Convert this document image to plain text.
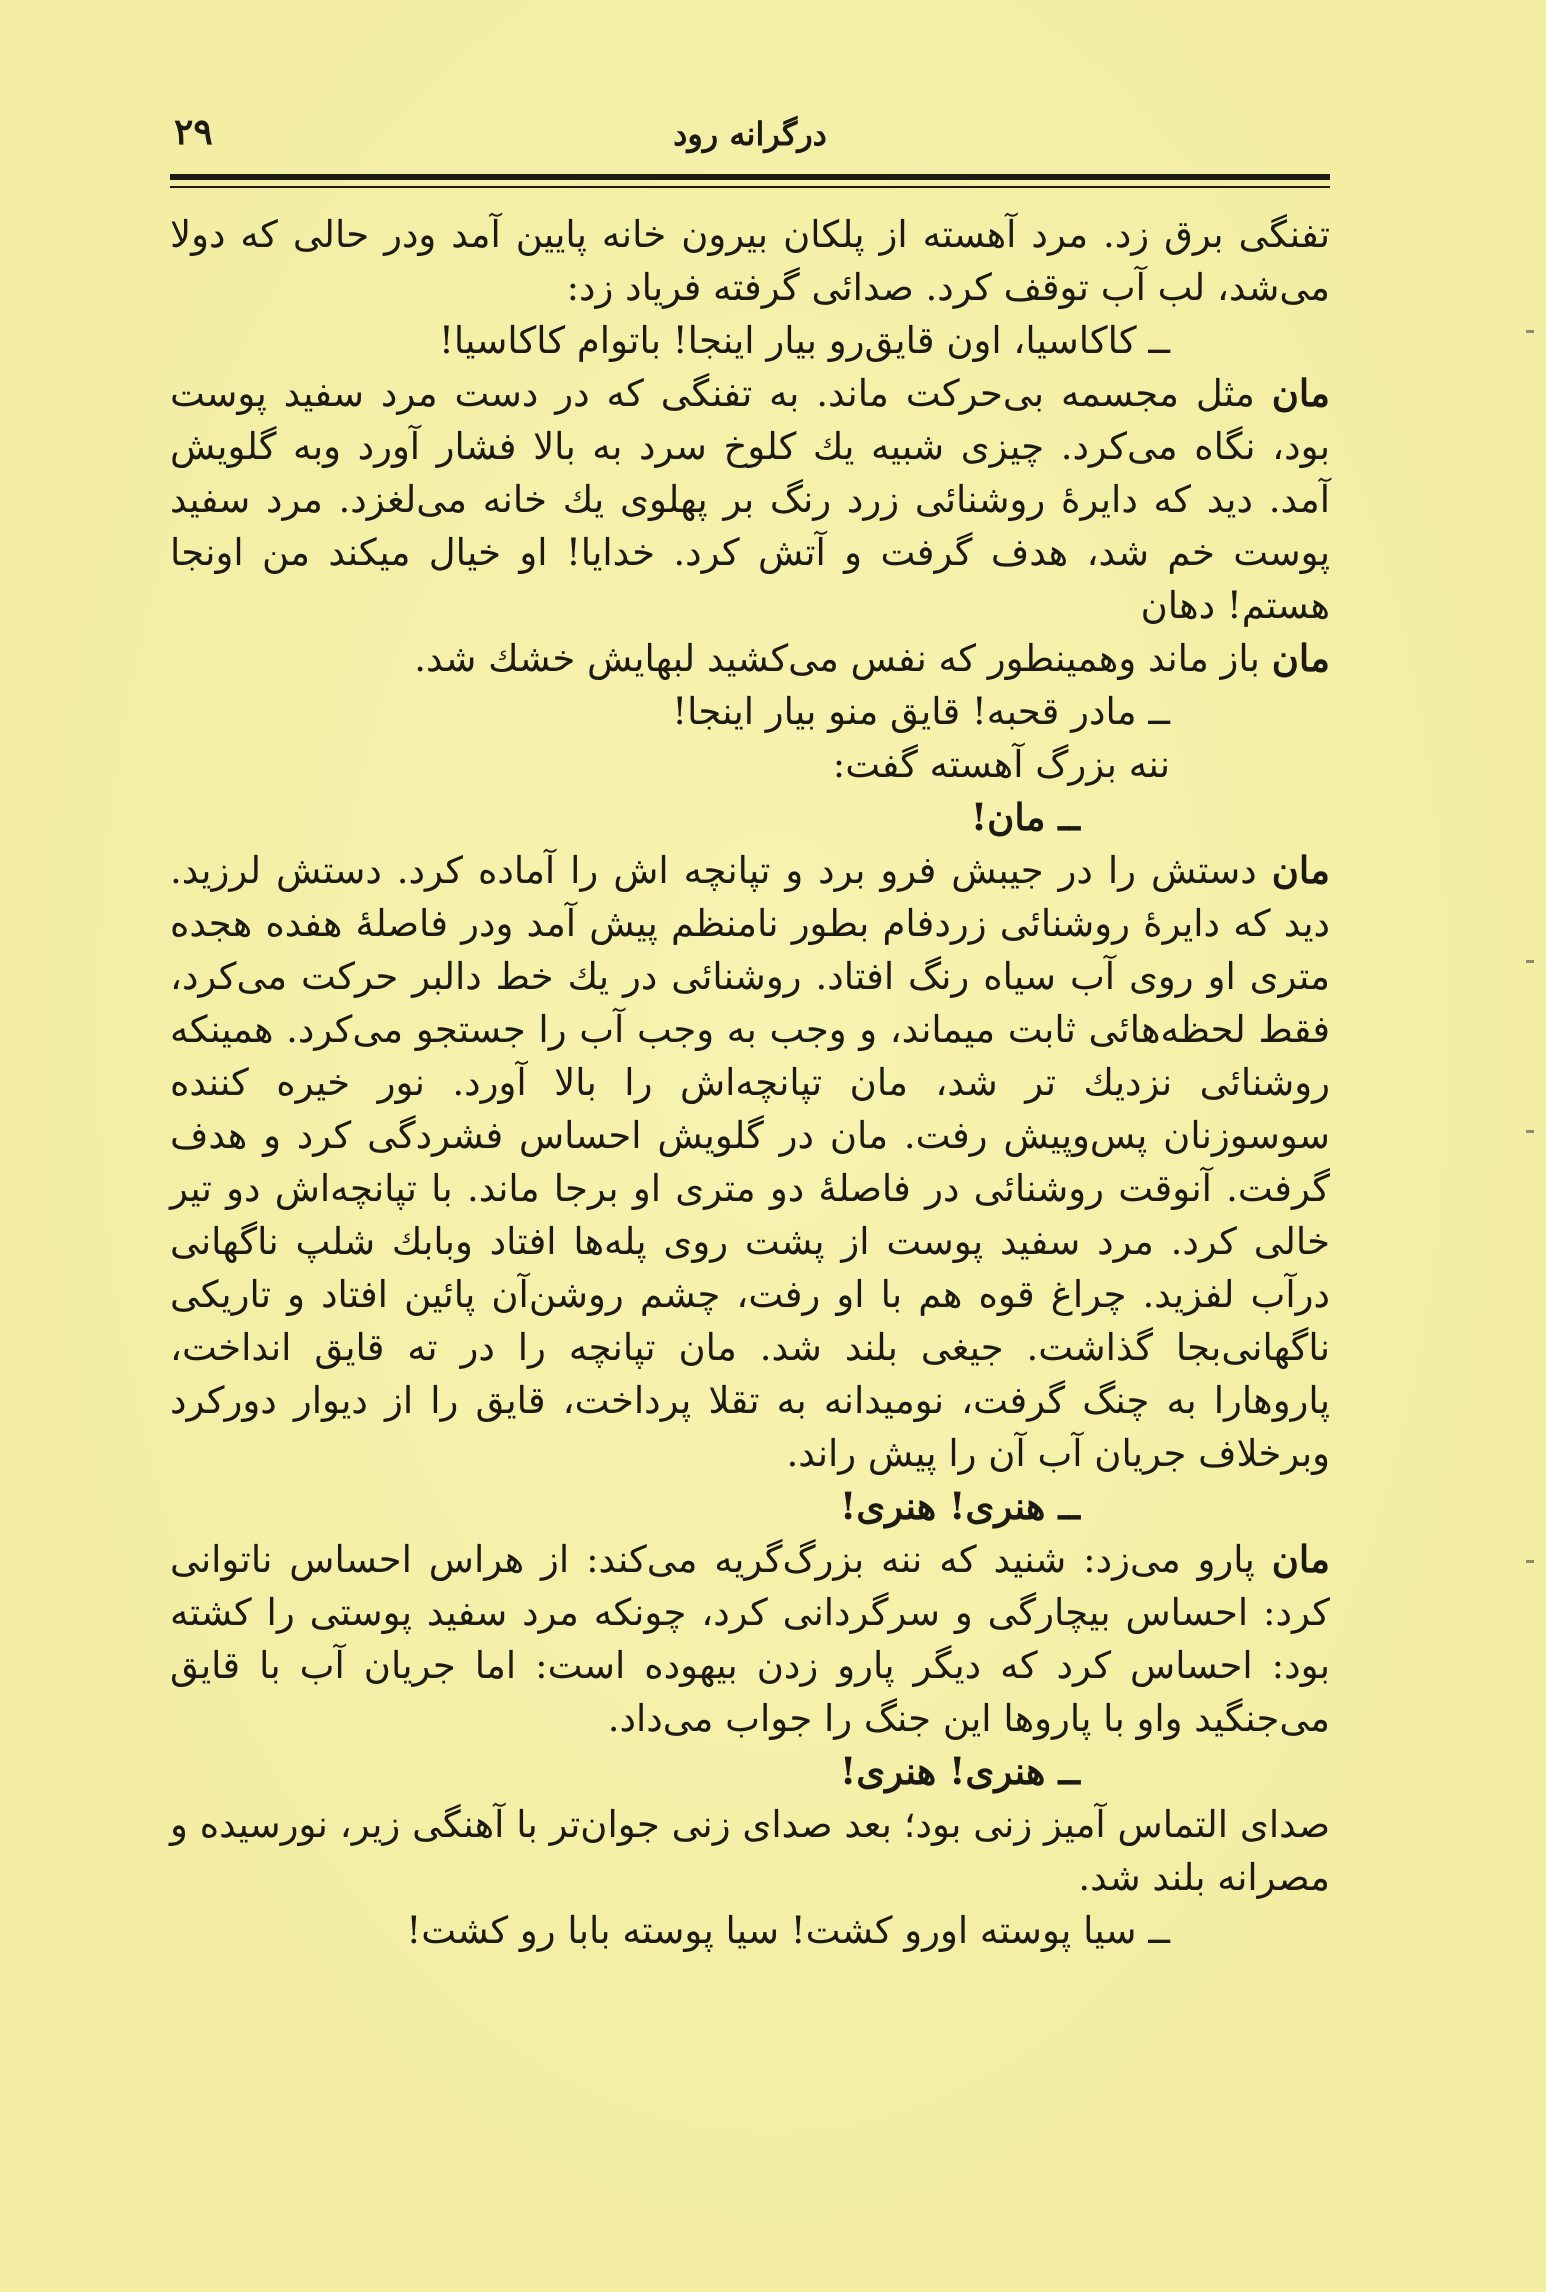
۲۹	درگرانه رود

تفنگی برق زد. مرد آهسته از پلکان بیرون خانه پایین آمد ودر حالی که دولا می‌شد، لب آب توقف کرد. صدائی گرفته فریاد زد:

ــ کاکاسیا، اون قایق‌رو بیار اینجا! باتوام کاکاسیا!

مان مثل مجسمه بی‌حرکت ماند. به تفنگی که در دست مرد سفید پوست بود، نگاه می‌کرد. چیزی شبیه یك کلوخ سرد به بالا فشار آورد وبه گلویش آمد. دید که دایرهٔ روشنائی زرد رنگ بر پهلوی یك خانه می‌لغزد. مرد سفید پوست خم شد، هدف گرفت و آتش کرد. خدایا! او خیال میکند من اونجا هستم! دهان

مان باز ماند وهمینطور که نفس می‌کشید لبهایش خشك شد.

ــ مادر قحبه! قایق منو بیار اینجا!

ننه بزرگ آهسته گفت:

ــ مان!

مان دستش را در جیبش فرو برد و تپانچه اش را آماده کرد. دستش لرزید. دید که دایرهٔ روشنائی زردفام بطور نامنظم پیش آمد ودر فاصلهٔ هفده هجده متری او روی آب سیاه رنگ افتاد. روشنائی در یك خط دالبر حرکت می‌کرد، فقط لحظه‌هائی ثابت میماند، و وجب به وجب آب را جستجو می‌کرد. همینکه روشنائی نزدیك تر شد، مان تپانچه‌اش را بالا آورد. نور خیره کننده سوسوزنان پس‌وپیش رفت. مان در گلویش احساس فشردگی کرد و هدف گرفت. آنوقت روشنائی در فاصلهٔ دو متری او برجا ماند. با تپانچه‌اش دو تیر خالی کرد. مرد سفید پوست از پشت روی پله‌ها افتاد وبابك شلپ ناگهانی درآب لفزید. چراغ قوه هم با او رفت، چشم روشن‌آن پائین افتاد و تاریکی ناگهانی‌بجا گذاشت. جیغی بلند شد. مان تپانچه را در ته قایق انداخت، پاروهارا به چنگ گرفت، نومیدانه به تقلا پرداخت، قایق را از دیوار دورکرد وبرخلاف جریان آب آن را پیش راند.

ــ هنری! هنری!

مان پارو می‌زد: شنید که ننه بزرگ‌گریه می‌کند: از هراس احساس ناتوانی کرد: احساس بیچارگی و سرگردانی کرد، چونکه مرد سفید پوستی را کشته بود: احساس کرد که دیگر پارو زدن بیهوده است: اما جریان آب با قایق می‌جنگید واو با پاروها این جنگ را جواب می‌داد.

ــ هنری! هنری!

صدای التماس آمیز زنی بود؛ بعد صدای زنی جوان‌تر با آهنگی زیر، نورسیده و مصرانه بلند شد.

ــ سیا پوسته اورو کشت! سیا پوسته بابا رو کشت!
